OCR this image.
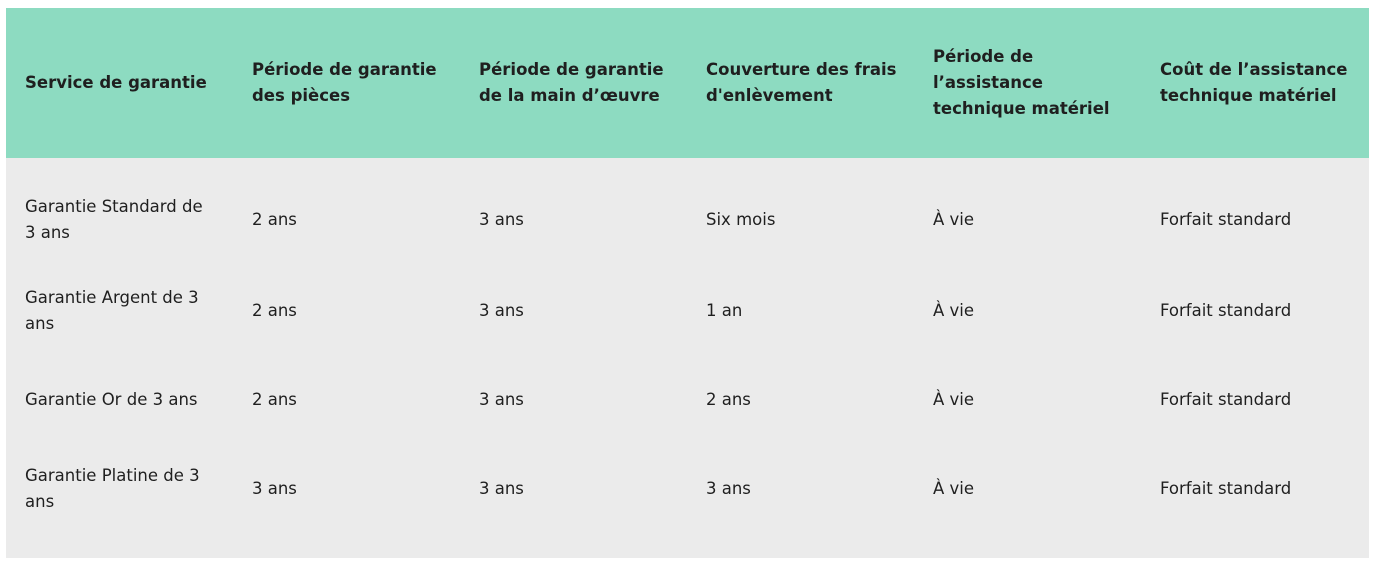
Service de garantie	Période de garantie des pièces	Période de garantie de la main d’œuvre	Couverture des frais d'enlèvement	Période de l’assistance technique matériel	Coût de l’assistance technique matériel
Garantie Standard de 3 ans	2 ans	3 ans	Six mois	À vie	Forfait standard
Garantie Argent de 3 ans	2 ans	3 ans	1 an	À vie	Forfait standard
Garantie Or de 3 ans	2 ans	3 ans	2 ans	À vie	Forfait standard
Garantie Platine de 3 ans	3 ans	3 ans	3 ans	À vie	Forfait standard
